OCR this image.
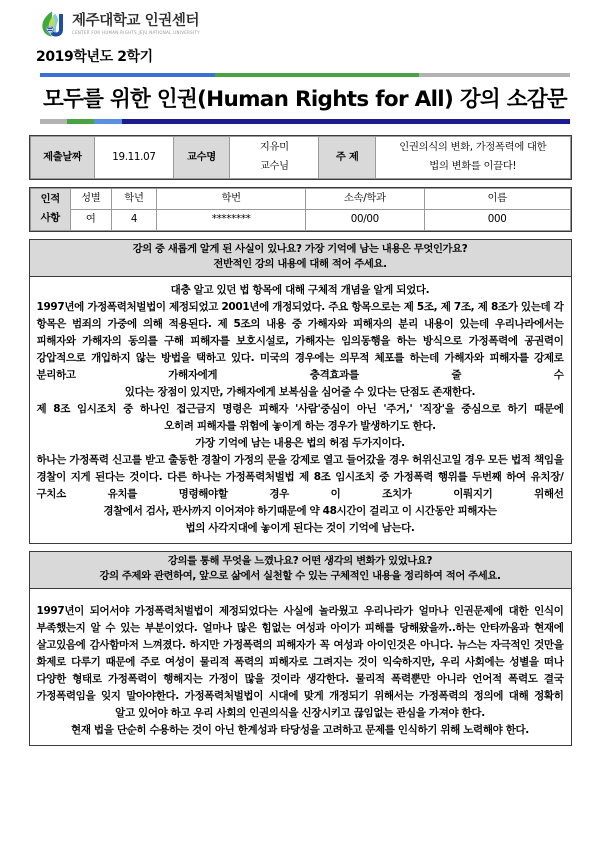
제주대학교 인권센터
CENTER FOR HUMAN RIGHTS JEJU NATIONAL UNIVERSITY
2019학년도 2학기
모두를 위한 인권(Human Rights for All) 강의 소감문
제출날짜	19.11.07	교수명	지유미	주 제	인권의식의 변화, 가정폭력에 대한
			교수님		법의 변화를 이끌다!
인적	성별	학년	학번	소속/학과	이름
사항	여	4	********	00/00	000
강의 중 새롭게 알게 된 사실이 있나요? 가장 기억에 남는 내용은 무엇인가요?
전반적인 강의 내용에 대해 적어 주세요.

대충 알고 있던 법 항목에 대해 구체적 개념을 알게 되었다.

1997년에 가정폭력처벌법이 제정되었고 2001년에 개정되었다. 주요 항목으로는 제 5조, 제 7조, 제 8조가 있는데 각 항목은 범죄의 가중에 의해 적용된다. 제 5조의 내용 중 가해자와 피해자의 분리 내용이 있는데 우리나라에서는 피해자와 가해자의 동의를 구해 피해자를 보호시설로, 가해자는 임의동행을 하는 방식으로 가정폭력에 공권력이 강압적으로 개입하지 않는 방법을 택하고 있다. 미국의 경우에는 의무적 체포를 하는데 가해자와 피해자를 강제로 분리하고 가해자에게 충격효과를 줄 수

있다는 장점이 있지만, 가해자에게 보복심을 심어줄 수 있다는 단점도 존재한다.

제 8조 임시조치 중 하나인 접근금지 명령은 피해자 '사람'중심이 아닌 '주거,' '직장'을 중심으로 하기 때문에

오히려 피해자를 위험에 놓이게 하는 경우가 발생하기도 한다.

가장 기억에 남는 내용은 법의 허점 두가지이다.

하나는 가정폭력 신고를 받고 출동한 경찰이 가정의 문을 강제로 열고 들어갔을 경우 허위신고일 경우 모든 법적 책임을 경찰이 지게 된다는 것이다. 다른 하나는 가정폭력처벌법 제 8조 임시조치 중 가정폭력 행위를 두번째 하여 유치장/ 구치소 유치를 명령해야할 경우 이 조치가 이뤄지기 위해선

경찰에서 검사, 판사까지 이어져야 하기때문에 약 48시간이 걸리고 이 시간동안 피해자는

법의 사각지대에 놓이게 된다는 것이 기억에 남는다.

강의를 통해 무엇을 느꼈나요? 어떤 생각의 변화가 있었나요?
강의 주제와 관련하여, 앞으로 삶에서 실천할 수 있는 구체적인 내용을 정리하여 적어 주세요.

1997년이 되어서야 가정폭력처벌법이 제정되었다는 사실에 놀라웠고 우리나라가 얼마나 인권문제에 대한 인식이 부족했는지 알 수 있는 부분이었다. 얼마나 많은 힘없는 여성과 아이가 피해를 당해왔을까..하는 안타까움과 현재에 살고있음에 감사함마저 느껴졌다. 하지만 가정폭력의 피해자가 꼭 여성과 아이인것은 아니다. 뉴스는 자극적인 것만을 화제로 다루기 때문에 주로 여성이 물리적 폭력의 피해자로 그려지는 것이 익숙하지만, 우리 사회에는 성별을 떠나 다양한 형태로 가정폭력이 행해지는 가정이 많을 것이라 생각한다. 물리적 폭력뿐만 아니라 언어적 폭력도 결국 가정폭력임을 잊지 말아야한다. 가정폭력처벌법이 시대에 맞게 개정되기 위해서는 가정폭력의 정의에 대해 정확히

알고 있어야 하고 우리 사회의 인권의식을 신장시키고 끊임없는 관심을 가져야 한다.

현재 법을 단순히 수용하는 것이 아닌 한계성과 타당성을 고려하고 문제를 인식하기 위해 노력해야 한다.
